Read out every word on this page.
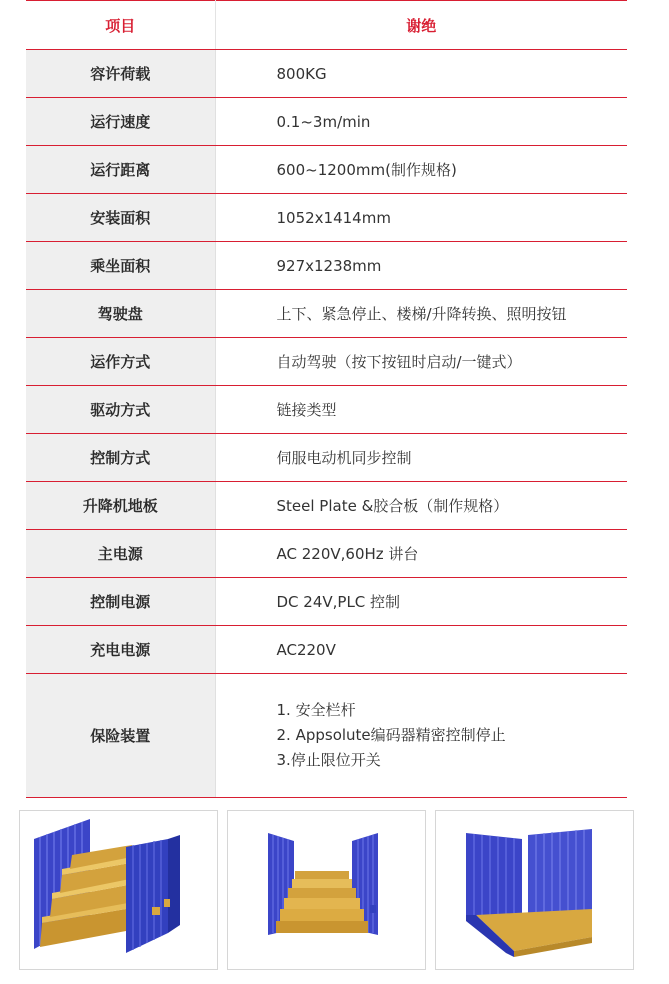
项目	谢绝
容许荷载	800KG
运行速度	0.1~3m/min
运行距离	600~1200mm(制作规格)
安装面积	1052x1414mm
乘坐面积	927x1238mm
驾驶盘	上下、紧急停止、楼梯/升降转换、照明按钮
运作方式	自动驾驶（按下按钮时启动/一键式）
驱动方式	链接类型
控制方式	伺服电动机同步控制
升降机地板	Steel Plate &胶合板（制作规格）
主电源	AC 220V,60Hz 讲台
控制电源	DC 24V,PLC 控制
充电电源	AC220V
保险装置	1. 安全栏杆
2. Appsolute编码器精密控制停止
3.停止限位开关
